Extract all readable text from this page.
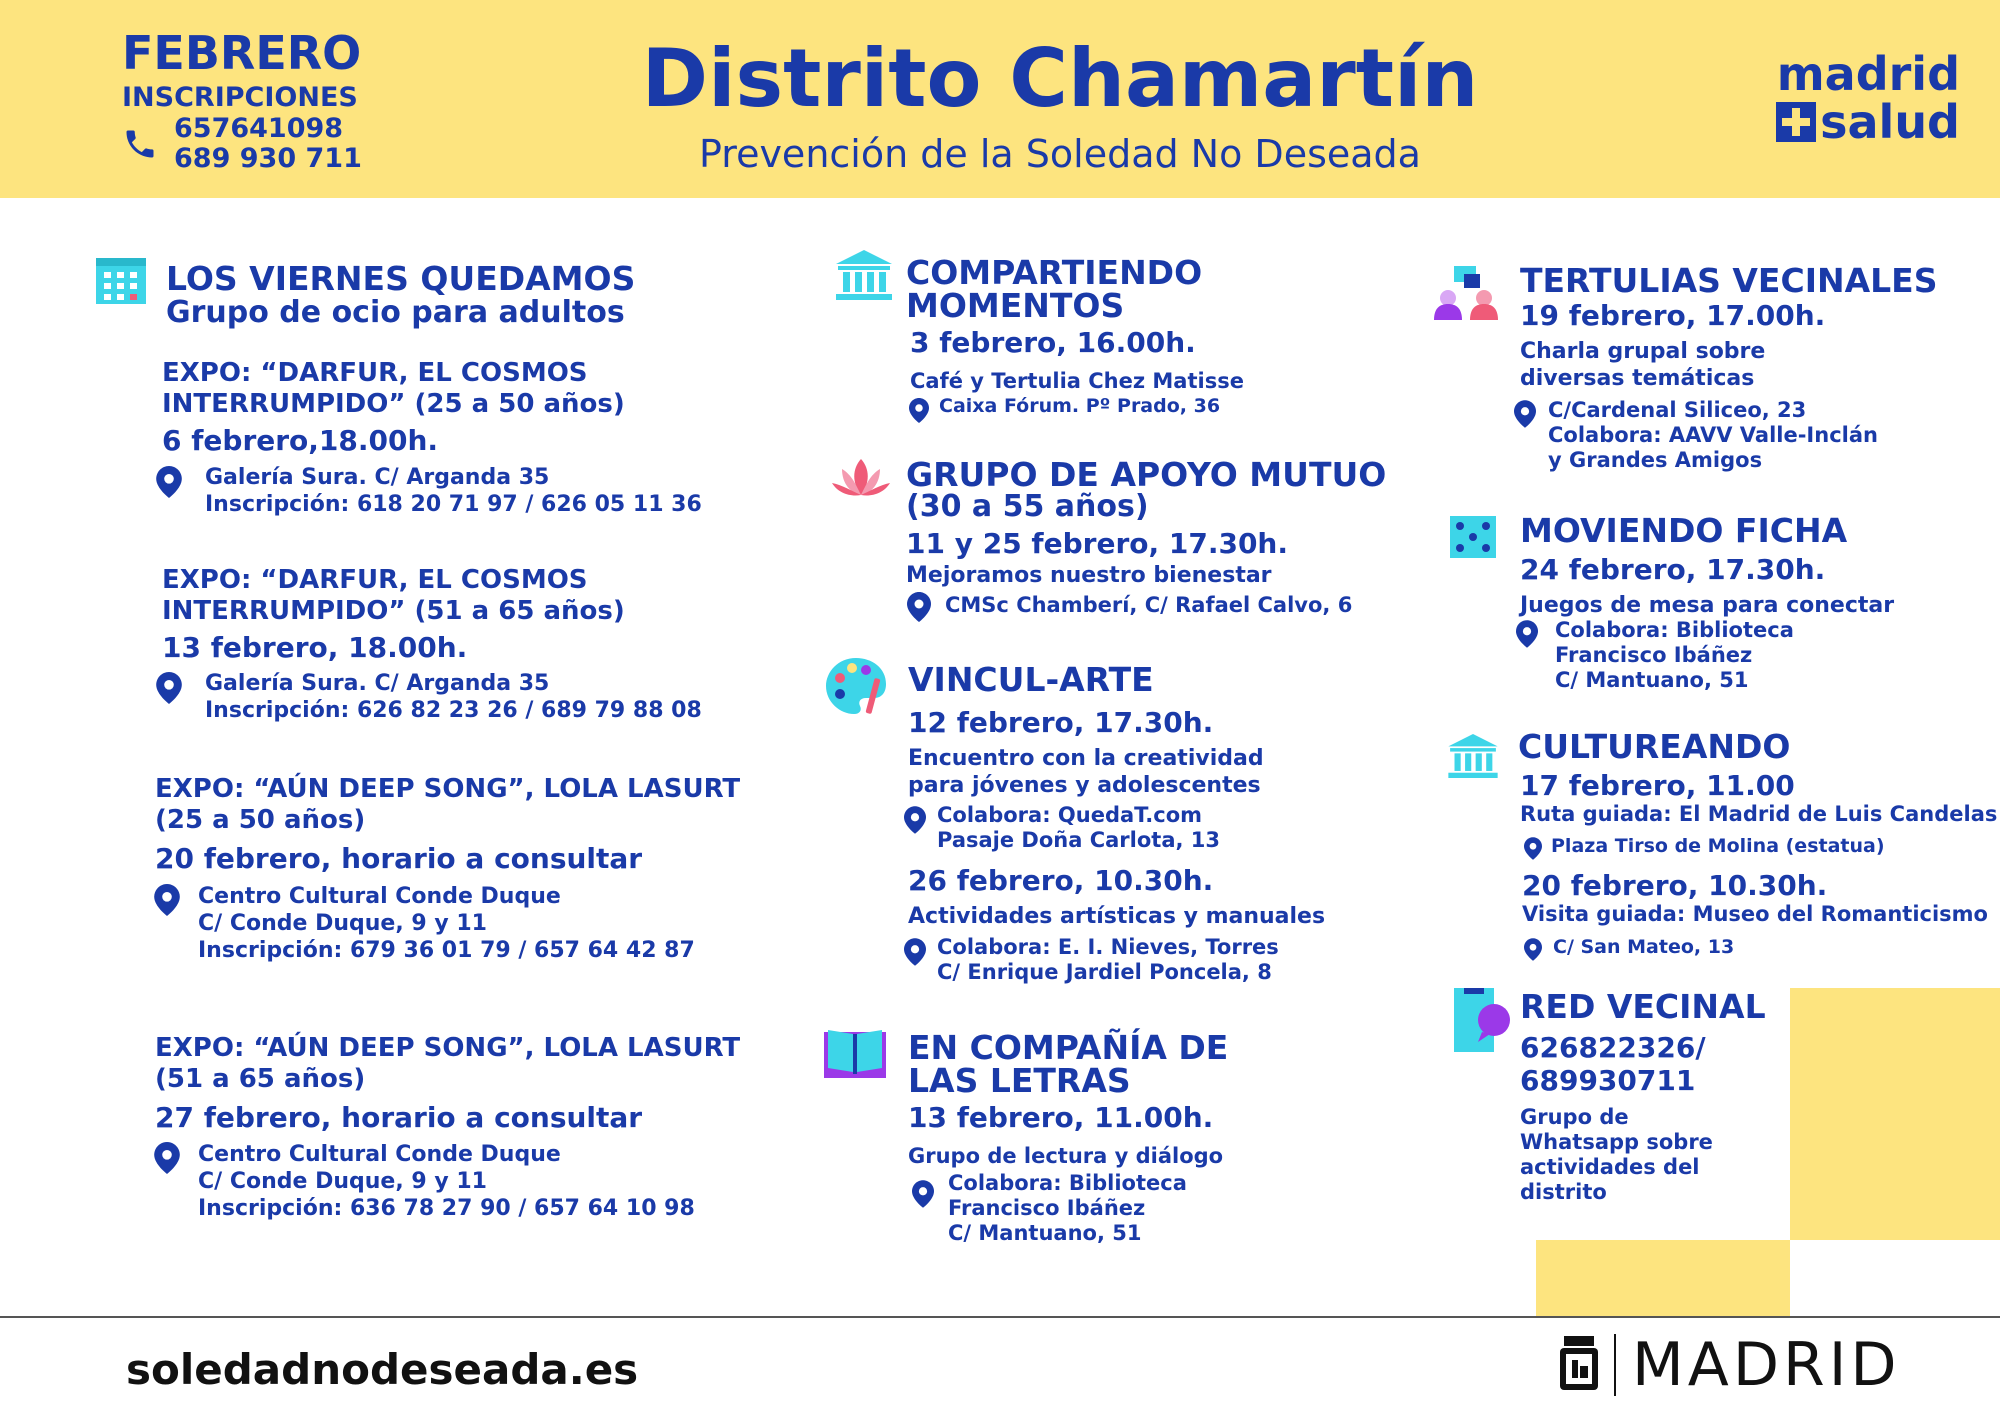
FEBRERO
INSCRIPCIONES
657641098
689 930 711
Distrito Chamartín
Prevención de la Soledad No Deseada
madrid
salud
LOS VIERNES QUEDAMOS
Grupo de ocio para adultos
EXPO: “DARFUR, EL COSMOS
INTERRUMPIDO” (25 a 50 años)
6 febrero,18.00h.
Galería Sura. C/ Arganda 35
Inscripción: 618 20 71 97 / 626 05 11 36
EXPO: “DARFUR, EL COSMOS
INTERRUMPIDO” (51 a 65 años)
13 febrero, 18.00h.
Galería Sura. C/ Arganda 35
Inscripción: 626 82 23 26 / 689 79 88 08
EXPO: “AÚN DEEP SONG”, LOLA LASURT
(25 a 50 años)
20 febrero, horario a consultar
Centro Cultural Conde Duque
C/ Conde Duque, 9 y 11
Inscripción: 679 36 01 79 / 657 64 42 87
EXPO: “AÚN DEEP SONG”, LOLA LASURT
(51 a 65 años)
27 febrero, horario a consultar
Centro Cultural Conde Duque
C/ Conde Duque, 9 y 11
Inscripción: 636 78 27 90 / 657 64 10 98
COMPARTIENDO
MOMENTOS
3 febrero, 16.00h.
Café y Tertulia Chez Matisse
Caixa Fórum. Pº Prado, 36
GRUPO DE APOYO MUTUO
(30 a 55 años)
11 y 25 febrero, 17.30h.
Mejoramos nuestro bienestar
CMSc Chamberí, C/ Rafael Calvo, 6
VINCUL-ARTE
12 febrero, 17.30h.
Encuentro con la creatividad
para jóvenes y adolescentes
Colabora: QuedaT.com
Pasaje Doña Carlota, 13
26 febrero, 10.30h.
Actividades artísticas y manuales
Colabora: E. I. Nieves, Torres
C/ Enrique Jardiel Poncela, 8
EN COMPAÑÍA DE
LAS LETRAS
13 febrero, 11.00h.
Grupo de lectura y diálogo
Colabora: Biblioteca
Francisco Ibáñez
C/ Mantuano, 51
TERTULIAS VECINALES
19 febrero, 17.00h.
Charla grupal sobre
diversas temáticas
C/Cardenal Siliceo, 23
Colabora: AAVV Valle-Inclán
y Grandes Amigos
MOVIENDO FICHA
24 febrero, 17.30h.
Juegos de mesa para conectar
Colabora: Biblioteca
Francisco Ibáñez
C/ Mantuano, 51
CULTUREANDO
17 febrero, 11.00
Ruta guiada: El Madrid de Luis Candelas
Plaza Tirso de Molina (estatua)
20 febrero, 10.30h.
Visita guiada: Museo del Romanticismo
C/ San Mateo, 13
RED VECINAL
626822326/
689930711
Grupo de
Whatsapp sobre
actividades del
distrito
soledadnodeseada.es	MADRID
